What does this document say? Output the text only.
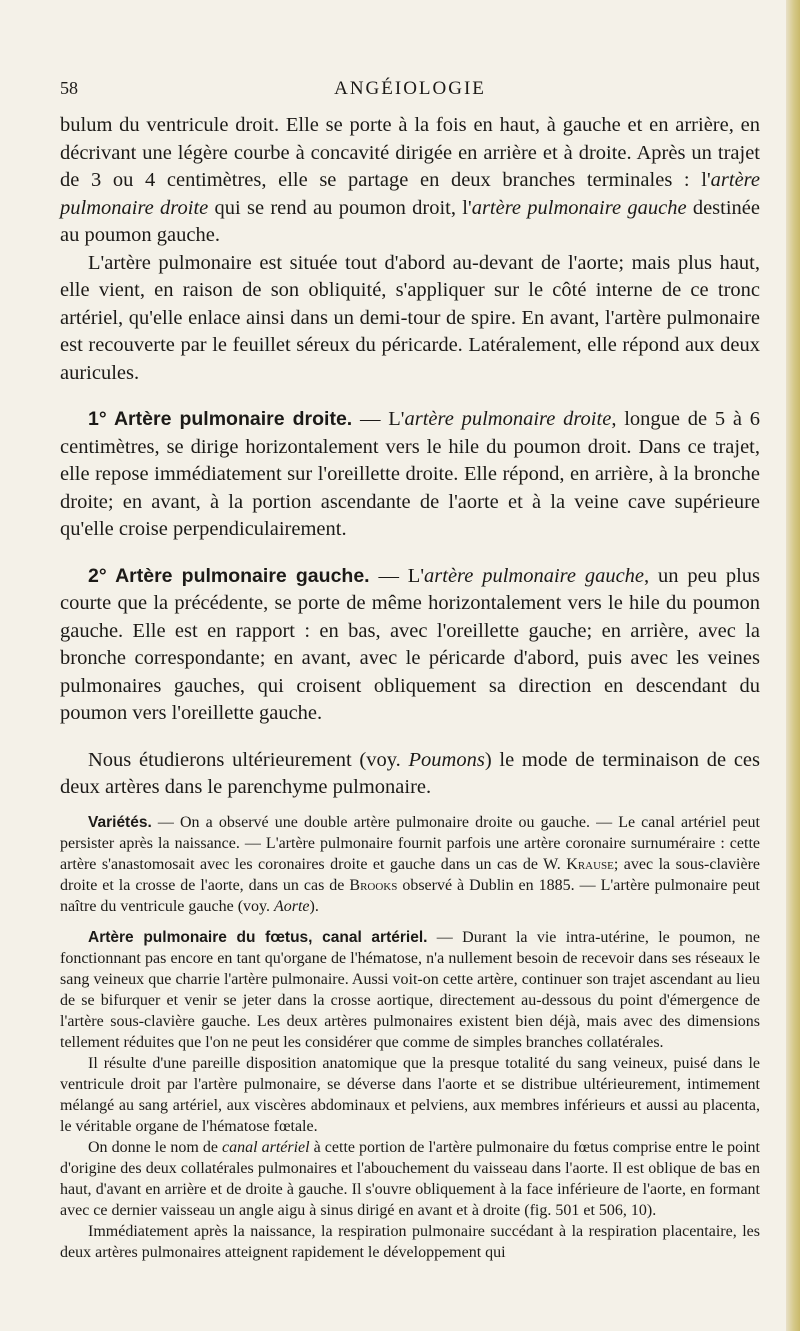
58	ANGÉIOLOGIE

bulum du ventricule droit. Elle se porte à la fois en haut, à gauche et en arrière, en décrivant une légère courbe à concavité dirigée en arrière et à droite. Après un trajet de 3 ou 4 centimètres, elle se partage en deux branches terminales : l'artère pulmonaire droite qui se rend au poumon droit, l'artère pulmonaire gauche destinée au poumon gauche.

L'artère pulmonaire est située tout d'abord au-devant de l'aorte; mais plus haut, elle vient, en raison de son obliquité, s'appliquer sur le côté interne de ce tronc artériel, qu'elle enlace ainsi dans un demi-tour de spire. En avant, l'artère pulmonaire est recouverte par le feuillet séreux du péricarde. Latéralement, elle répond aux deux auricules.

1° Artère pulmonaire droite. — L'artère pulmonaire droite, longue de 5 à 6 centimètres, se dirige horizontalement vers le hile du poumon droit. Dans ce trajet, elle repose immédiatement sur l'oreillette droite. Elle répond, en arrière, à la bronche droite; en avant, à la portion ascendante de l'aorte et à la veine cave supérieure qu'elle croise perpendiculairement.

2° Artère pulmonaire gauche. — L'artère pulmonaire gauche, un peu plus courte que la précédente, se porte de même horizontalement vers le hile du poumon gauche. Elle est en rapport : en bas, avec l'oreillette gauche; en arrière, avec la bronche correspondante; en avant, avec le péricarde d'abord, puis avec les veines pulmonaires gauches, qui croisent obliquement sa direction en descendant du poumon vers l'oreillette gauche.

Nous étudierons ultérieurement (voy. Poumons) le mode de terminaison de ces deux artères dans le parenchyme pulmonaire.

Variétés. — On a observé une double artère pulmonaire droite ou gauche. — Le canal artériel peut persister après la naissance. — L'artère pulmonaire fournit parfois une artère coronaire surnuméraire : cette artère s'anastomosait avec les coronaires droite et gauche dans un cas de W. Krause; avec la sous-clavière droite et la crosse de l'aorte, dans un cas de Brooks observé à Dublin en 1885. — L'artère pulmonaire peut naître du ventricule gauche (voy. Aorte).

Artère pulmonaire du fœtus, canal artériel. — Durant la vie intra-utérine, le poumon, ne fonctionnant pas encore en tant qu'organe de l'hématose, n'a nullement besoin de recevoir dans ses réseaux le sang veineux que charrie l'artère pulmonaire. Aussi voit-on cette artère, continuer son trajet ascendant au lieu de se bifurquer et venir se jeter dans la crosse aortique, directement au-dessous du point d'émergence de l'artère sous-clavière gauche. Les deux artères pulmonaires existent bien déjà, mais avec des dimensions tellement réduites que l'on ne peut les considérer que comme de simples branches collatérales.

Il résulte d'une pareille disposition anatomique que la presque totalité du sang veineux, puisé dans le ventricule droit par l'artère pulmonaire, se déverse dans l'aorte et se distribue ultérieurement, intimement mélangé au sang artériel, aux viscères abdominaux et pelviens, aux membres inférieurs et aussi au placenta, le véritable organe de l'hématose fœtale.

On donne le nom de canal artériel à cette portion de l'artère pulmonaire du fœtus comprise entre le point d'origine des deux collatérales pulmonaires et l'abouchement du vaisseau dans l'aorte. Il est oblique de bas en haut, d'avant en arrière et de droite à gauche. Il s'ouvre obliquement à la face inférieure de l'aorte, en formant avec ce dernier vaisseau un angle aigu à sinus dirigé en avant et à droite (fig. 501 et 506, 10).

Immédiatement après la naissance, la respiration pulmonaire succédant à la respiration placentaire, les deux artères pulmonaires atteignent rapidement le développement qui
